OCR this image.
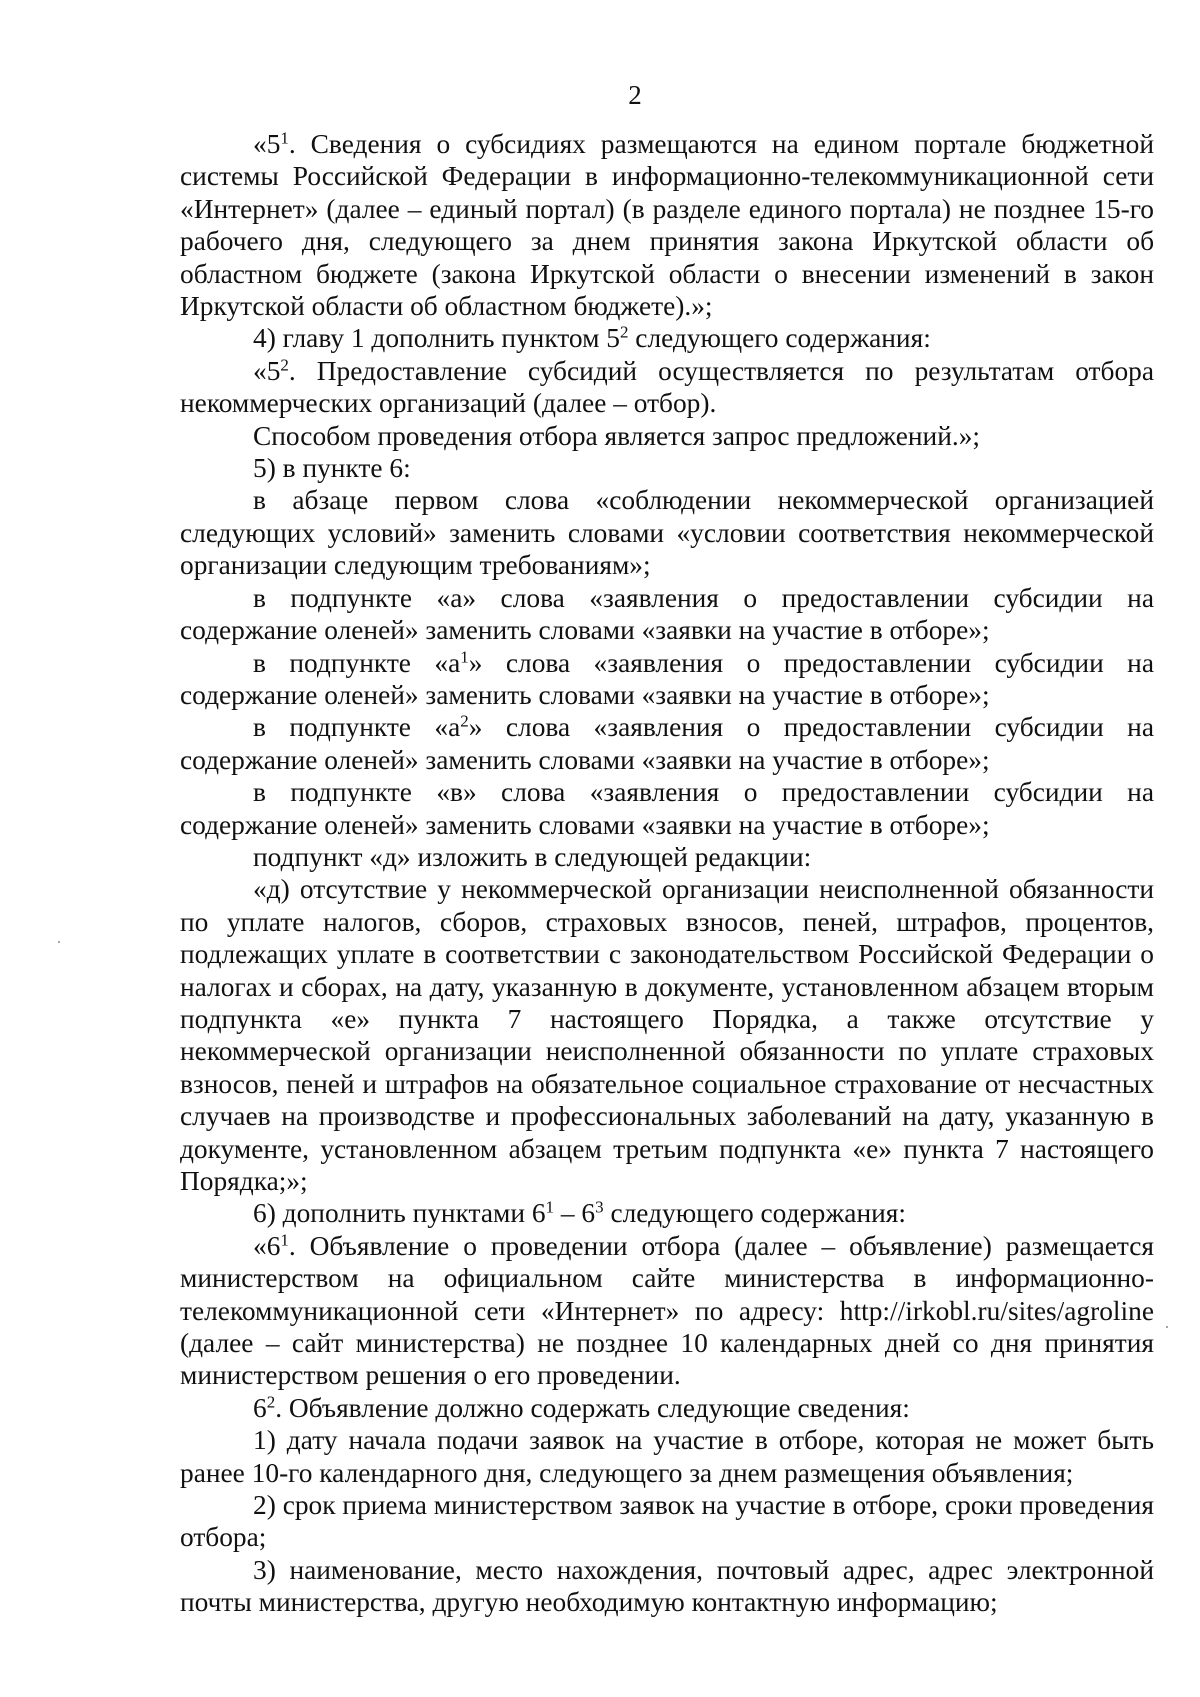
2

«$5^1$. Сведения о субсидиях размещаются на едином портале бюджетной системы Российской Федерации в информационно-телекоммуникационной сети «Интернет» (далее – единый портал) (в разделе единого портала) не позднее 15-го рабочего дня, следующего за днем принятия закона Иркутской области об областном бюджете (закона Иркутской области о внесении изменений в закон Иркутской области об областном бюджете).»;

4) главу 1 дополнить пунктом $5^2$ следующего содержания:

«$5^2$. Предоставление субсидий осуществляется по результатам отбора некоммерческих организаций (далее – отбор).

Способом проведения отбора является запрос предложений.»;

5) в пункте 6:

в абзаце первом слова «соблюдении некоммерческой организацией следующих условий» заменить словами «условии соответствия некоммерческой организации следующим требованиям»;

в подпункте «а» слова «заявления о предоставлении субсидии на содержание оленей» заменить словами «заявки на участие в отборе»;

в подпункте «$а^1$» слова «заявления о предоставлении субсидии на содержание оленей» заменить словами «заявки на участие в отборе»;

в подпункте «$а^2$» слова «заявления о предоставлении субсидии на содержание оленей» заменить словами «заявки на участие в отборе»;

в подпункте «в» слова «заявления о предоставлении субсидии на содержание оленей» заменить словами «заявки на участие в отборе»;

подпункт «д» изложить в следующей редакции:

«д) отсутствие у некоммерческой организации неисполненной обязанности по уплате налогов, сборов, страховых взносов, пеней, штрафов, процентов, подлежащих уплате в соответствии с законодательством Российской Федерации о налогах и сборах, на дату, указанную в документе, установленном абзацем вторым подпункта «е» пункта 7 настоящего Порядка, а также отсутствие у некоммерческой организации неисполненной обязанности по уплате страховых взносов, пеней и штрафов на обязательное социальное страхование от несчастных случаев на производстве и профессиональных заболеваний на дату, указанную в документе, установленном абзацем третьим подпункта «е» пункта 7 настоящего Порядка;»;

6) дополнить пунктами $6^1 - 6^3$ следующего содержания:

«$6^1$. Объявление о проведении отбора (далее – объявление) размещается министерством на официальном сайте министерства в информационно-телекоммуникационной сети «Интернет» по адресу: http://irkobl.ru/sites/agroline (далее – сайт министерства) не позднее 10 календарных дней со дня принятия министерством решения о его проведении.

$6^2$. Объявление должно содержать следующие сведения:

1) дату начала подачи заявок на участие в отборе, которая не может быть ранее 10-го календарного дня, следующего за днем размещения объявления;

2) срок приема министерством заявок на участие в отборе, сроки проведения отбора;

3) наименование, место нахождения, почтовый адрес, адрес электронной почты министерства, другую необходимую контактную информацию;
